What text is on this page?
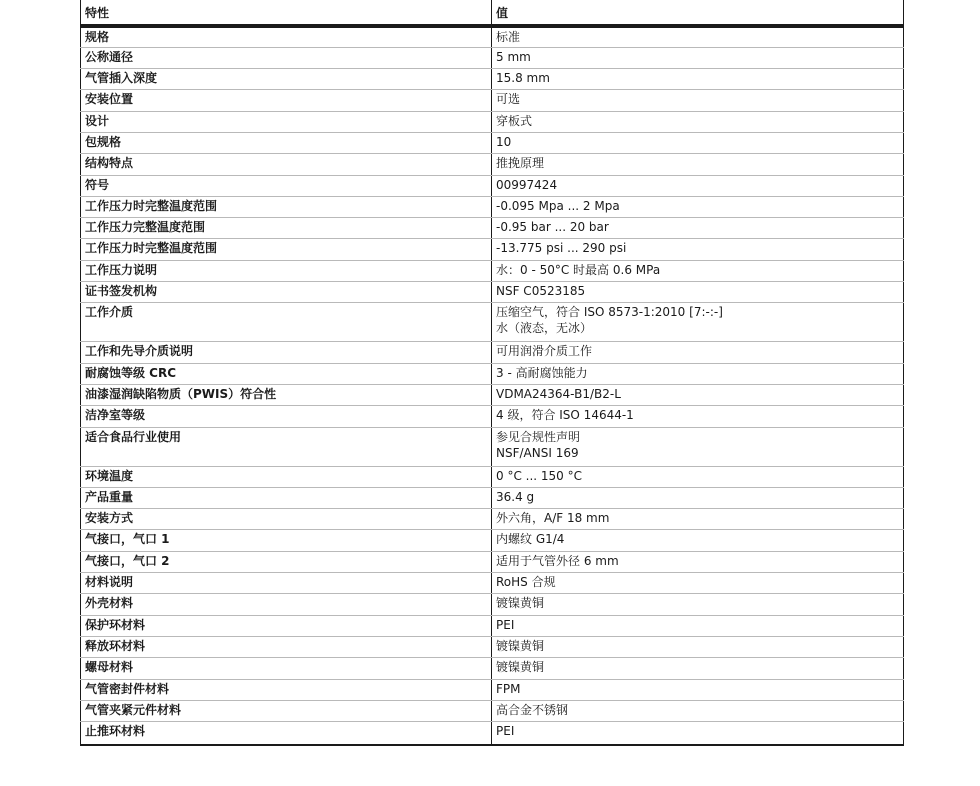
特性	值
规格	标准
公称通径	5 mm
气管插入深度	15.8 mm
安装位置	可选
设计	穿板式
包规格	10
结构特点	推挽原理
符号	00997424
工作压力时完整温度范围	-0.095 Mpa ... 2 Mpa
工作压力完整温度范围	-0.95 bar ... 20 bar
工作压力时完整温度范围	-13.775 psi ... 290 psi
工作压力说明	水：0 - 50°C 时最高 0.6 MPa
证书签发机构	NSF C0523185
工作介质	压缩空气，符合 ISO 8573-1:2010 [7:-:-]
水（液态，无冰）

工作和先导介质说明	可用润滑介质工作
耐腐蚀等级 CRC	3 - 高耐腐蚀能力
油漆湿润缺陷物质（PWIS）符合性	VDMA24364-B1/B2-L
洁净室等级	4 级，符合 ISO 14644-1
适合食品行业使用	参见合规性声明
NSF/ANSI 169

环境温度	0 °C ... 150 °C
产品重量	36.4 g
安装方式	外六角，A/F 18 mm
气接口，气口 1	内螺纹 G1/4
气接口，气口 2	适用于气管外径 6 mm
材料说明	RoHS 合规
外壳材料	镀镍黄铜
保护环材料	PEI
释放环材料	镀镍黄铜
螺母材料	镀镍黄铜
气管密封件材料	FPM
气管夹紧元件材料	高合金不锈钢
止推环材料	PEI
